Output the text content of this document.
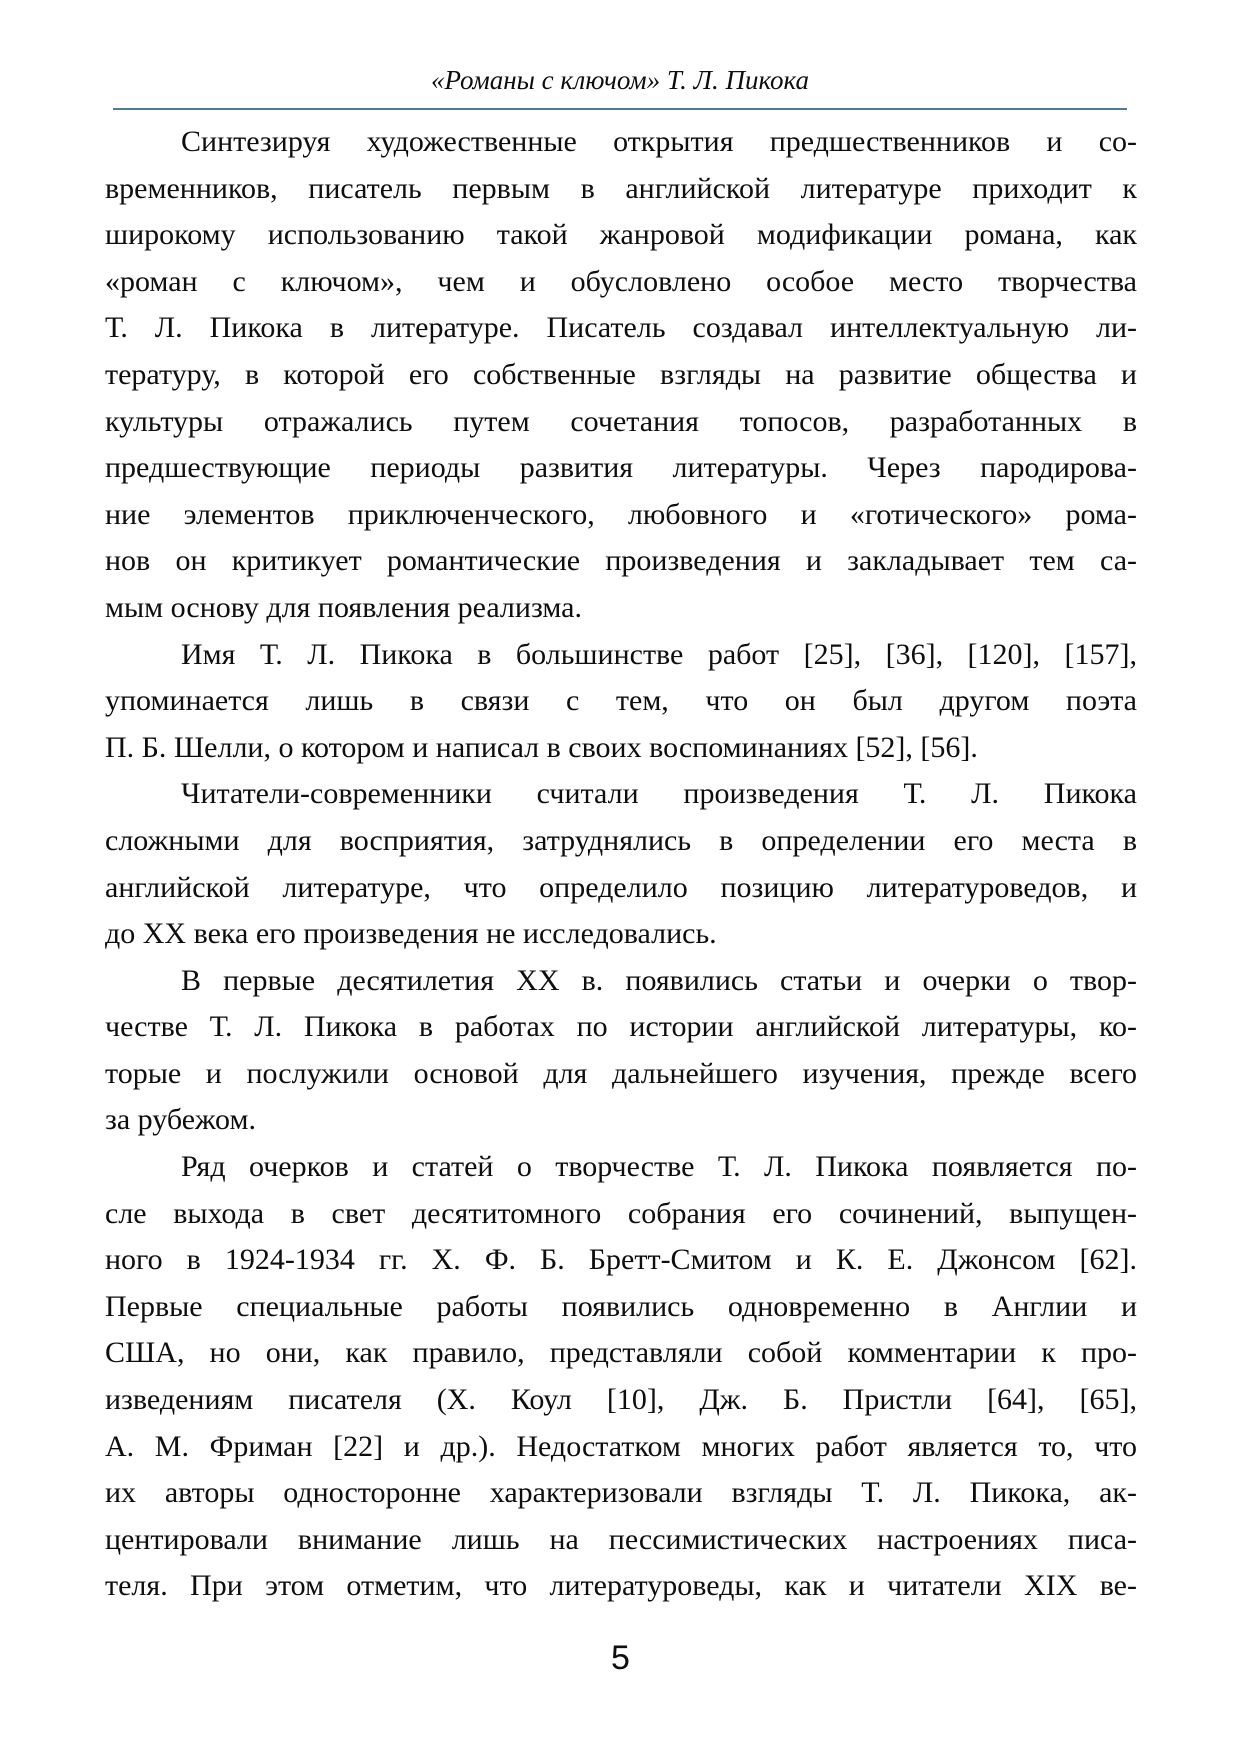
«Романы с ключом» Т. Л. Пикока
Синтезируя художественные открытия предшественников и со-
временников, писатель первым в английской литературе приходит к
широкому использованию такой жанровой модификации романа, как
«роман с ключом», чем и обусловлено особое место творчества
Т. Л. Пикока в литературе. Писатель создавал интеллектуальную ли-
тературу, в которой его собственные взгляды на развитие общества и
культуры отражались путем сочетания топосов, разработанных в
предшествующие периоды развития литературы. Через пародирова-
ние элементов приключенческого, любовного и «готического» рома-
нов он критикует романтические произведения и закладывает тем са-
мым основу для появления реализма.
Имя Т. Л. Пикока в большинстве работ [25], [36], [120], [157],
упоминается лишь в связи с тем, что он был другом поэта
П. Б. Шелли, о котором и написал в своих воспоминаниях [52], [56].
Читатели-современники считали произведения Т. Л. Пикока
сложными для восприятия, затруднялись в определении его места в
английской литературе, что определило позицию литературоведов, и
до XX века его произведения не исследовались.
В первые десятилетия XX в. появились статьи и очерки о твор-
честве Т. Л. Пикока в работах по истории английской литературы, ко-
торые и послужили основой для дальнейшего изучения, прежде всего
за рубежом.
Ряд очерков и статей о творчестве Т. Л. Пикока появляется по-
сле выхода в свет десятитомного собрания его сочинений, выпущен-
ного в 1924-1934 гг. Х. Ф. Б. Бретт-Смитом и К. Е. Джонсом [62].
Первые специальные работы появились одновременно в Англии и
США, но они, как правило, представляли собой комментарии к про-
изведениям писателя (Х. Коул [10], Дж. Б. Пристли [64], [65],
А. М. Фриман [22] и др.). Недостатком многих работ является то, что
их авторы односторонне характеризовали взгляды Т. Л. Пикока, ак-
центировали внимание лишь на пессимистических настроениях писа-
теля. При этом отметим, что литературоведы, как и читатели XIX ве-
5
